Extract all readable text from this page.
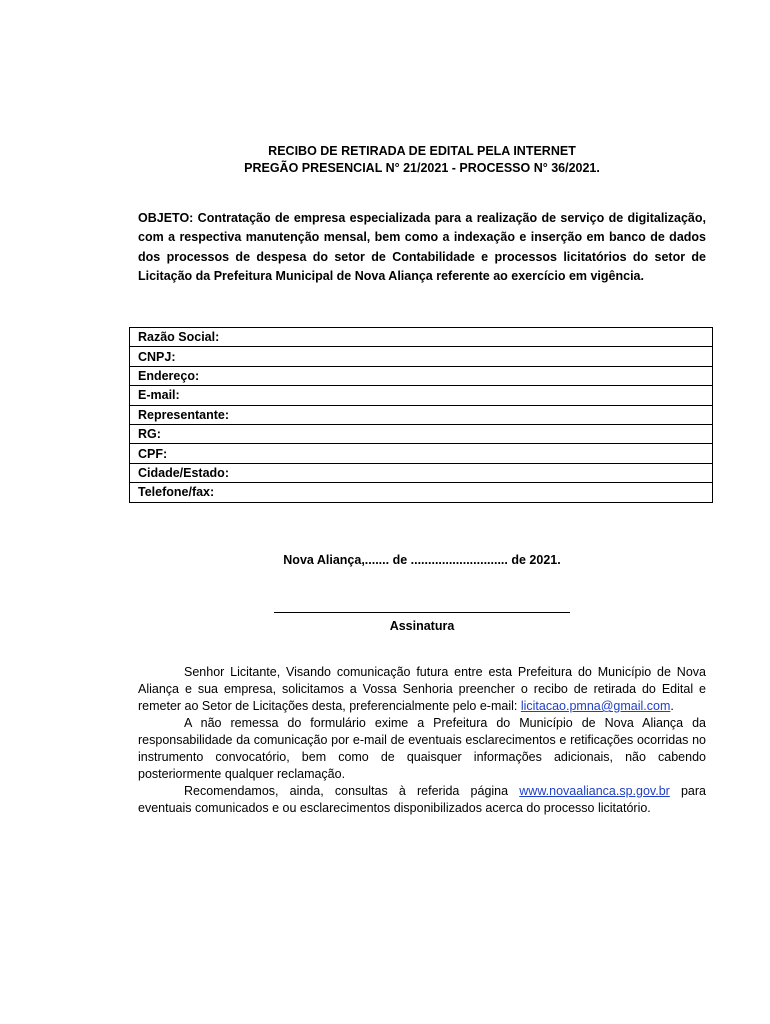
RECIBO DE RETIRADA DE EDITAL PELA INTERNET
PREGÃO PRESENCIAL N° 21/2021 - PROCESSO N° 36/2021.
OBJETO: Contratação de empresa especializada para a realização de serviço de digitalização, com a respectiva manutenção mensal, bem como a indexação e inserção em banco de dados dos processos de despesa do setor de Contabilidade e processos licitatórios do setor de Licitação da Prefeitura Municipal de Nova Aliança referente ao exercício em vigência.
Razão Social:
CNPJ:
Endereço:
E-mail:
Representante:
RG:
CPF:
Cidade/Estado:
Telefone/fax:
Nova Aliança,....... de ............................ de 2021.
Assinatura

Senhor Licitante, Visando comunicação futura entre esta Prefeitura do Município de Nova Aliança e sua empresa, solicitamos a Vossa Senhoria preencher o recibo de retirada do Edital e remeter ao Setor de Licitações desta, preferencialmente pelo e-mail: licitacao.pmna@gmail.com.

A não remessa do formulário exime a Prefeitura do Município de Nova Aliança da responsabilidade da comunicação por e-mail de eventuais esclarecimentos e retificações ocorridas no instrumento convocatório, bem como de quaisquer informações adicionais, não cabendo posteriormente qualquer reclamação.

Recomendamos, ainda, consultas à referida página www.novaalianca.sp.gov.br para eventuais comunicados e ou esclarecimentos disponibilizados acerca do processo licitatório.
